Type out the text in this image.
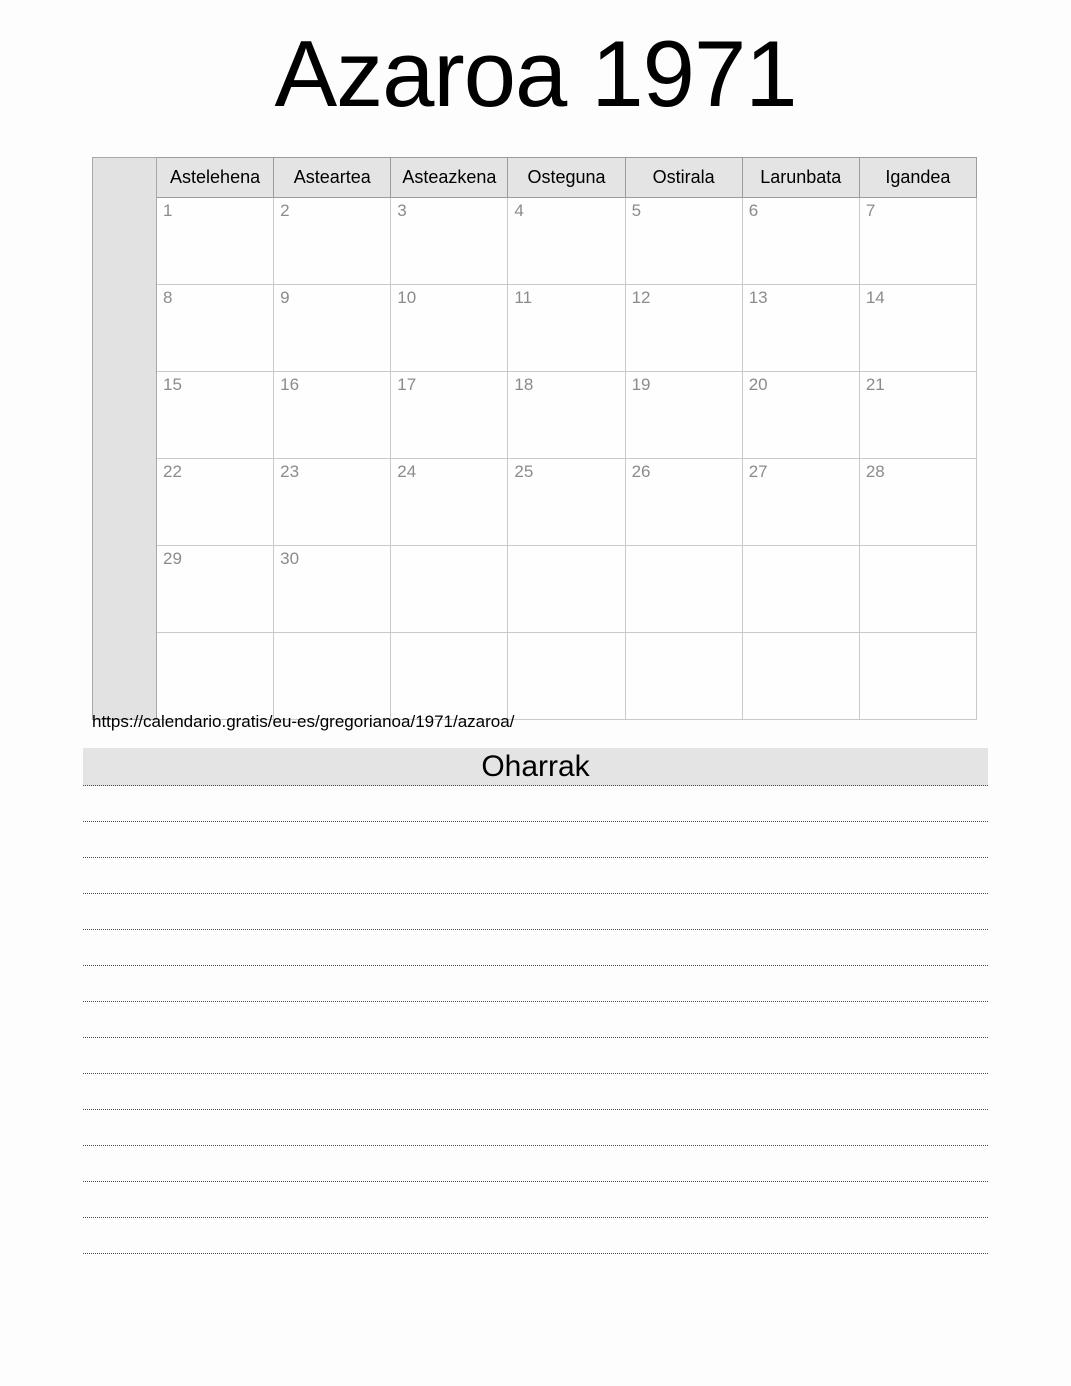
Azaroa 1971
	Astelehena	Asteartea	Asteazkena	Osteguna	Ostirala	Larunbata	Igandea
	1	2	3	4	5	6	7
	8	9	10	11	12	13	14
	15	16	17	18	19	20	21
	22	23	24	25	26	27	28
	29	30					

https://calendario.gratis/eu-es/gregorianoa/1971/azaroa/

Oharrak
